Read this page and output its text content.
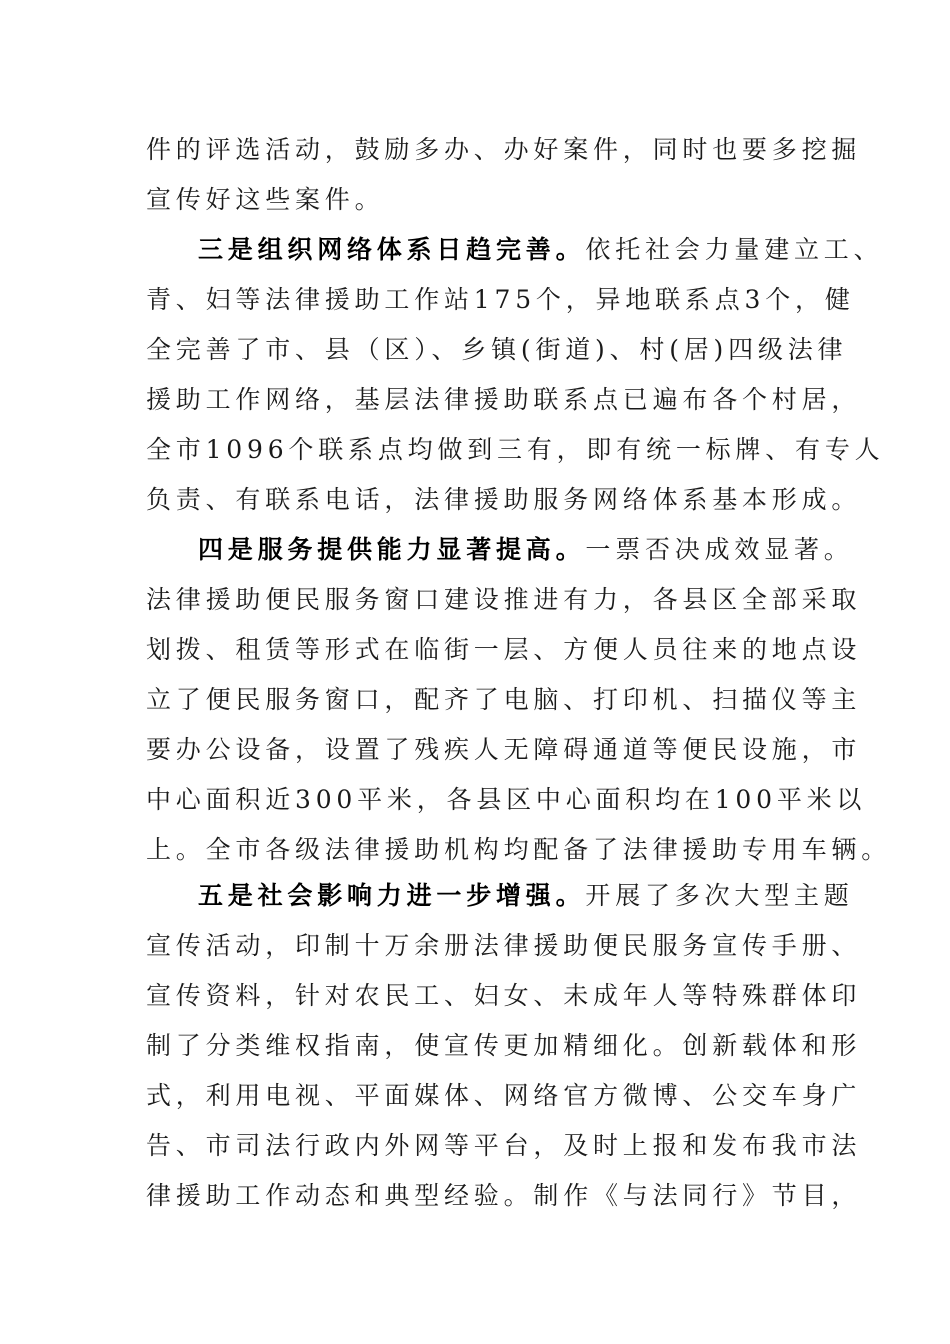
件的评选活动，鼓励多办、办好案件，同时也要多挖掘
宣传好这些案件。
三是组织网络体系日趋完善。依托社会力量建立工、
青、妇等法律援助工作站175个，异地联系点3个，健
全完善了市、县（区）、乡镇(街道)、村(居)四级法律
援助工作网络，基层法律援助联系点已遍布各个村居，
全市1096个联系点均做到三有，即有统一标牌、有专人
负责、有联系电话，法律援助服务网络体系基本形成。
四是服务提供能力显著提高。一票否决成效显著。
法律援助便民服务窗口建设推进有力，各县区全部采取
划拨、租赁等形式在临街一层、方便人员往来的地点设
立了便民服务窗口，配齐了电脑、打印机、扫描仪等主
要办公设备，设置了残疾人无障碍通道等便民设施，市
中心面积近300平米，各县区中心面积均在100平米以
上。全市各级法律援助机构均配备了法律援助专用车辆。
五是社会影响力进一步增强。开展了多次大型主题
宣传活动，印制十万余册法律援助便民服务宣传手册、
宣传资料，针对农民工、妇女、未成年人等特殊群体印
制了分类维权指南，使宣传更加精细化。创新载体和形
式，利用电视、平面媒体、网络官方微博、公交车身广
告、市司法行政内外网等平台，及时上报和发布我市法
律援助工作动态和典型经验。制作《与法同行》节目，
